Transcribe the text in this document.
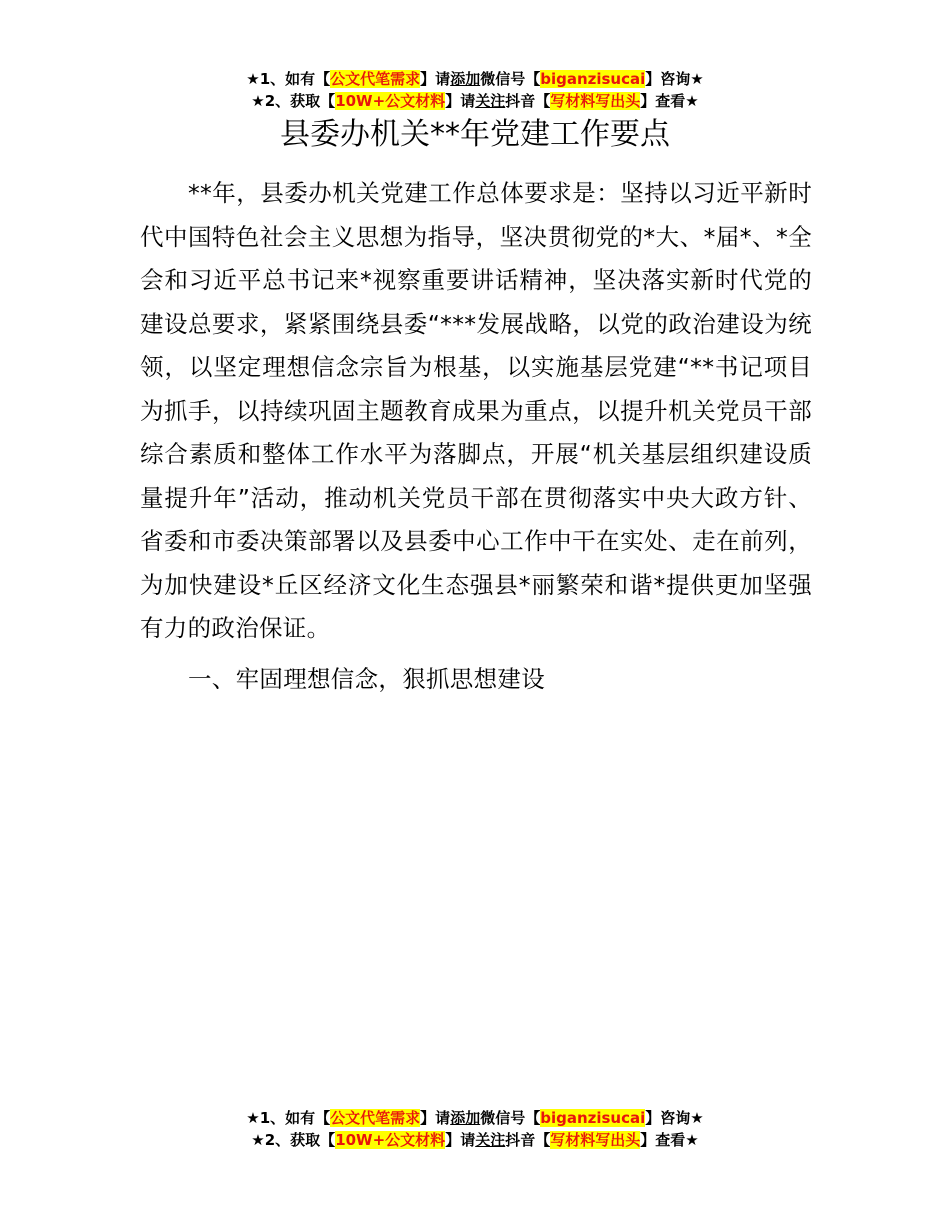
★1、如有【公文代笔需求】请添加微信号【biganzisucai】咨询★
★2、获取【10W+公文材料】请关注抖音【写材料写出头】查看★
县委办机关**年党建工作要点

**年，县委办机关党建工作总体要求是：坚持以习近平新时代中国特色社会主义思想为指导，坚决贯彻党的*大、*届*、*全会和习近平总书记来*视察重要讲话精神，坚决落实新时代党的建设总要求，紧紧围绕县委“***发展战略，以党的政治建设为统领，以坚定理想信念宗旨为根基，以实施基层党建“**书记项目为抓手，以持续巩固主题教育成果为重点，以提升机关党员干部综合素质和整体工作水平为落脚点，开展“机关基层组织建设质量提升年”活动，推动机关党员干部在贯彻落实中央大政方针、省委和市委决策部署以及县委中心工作中干在实处、走在前列，为加快建设*丘区经济文化生态强县*丽繁荣和谐*提供更加坚强有力的政治保证。

一、牢固理想信念，狠抓思想建设
★1、如有【公文代笔需求】请添加微信号【biganzisucai】咨询★
★2、获取【10W+公文材料】请关注抖音【写材料写出头】查看★
